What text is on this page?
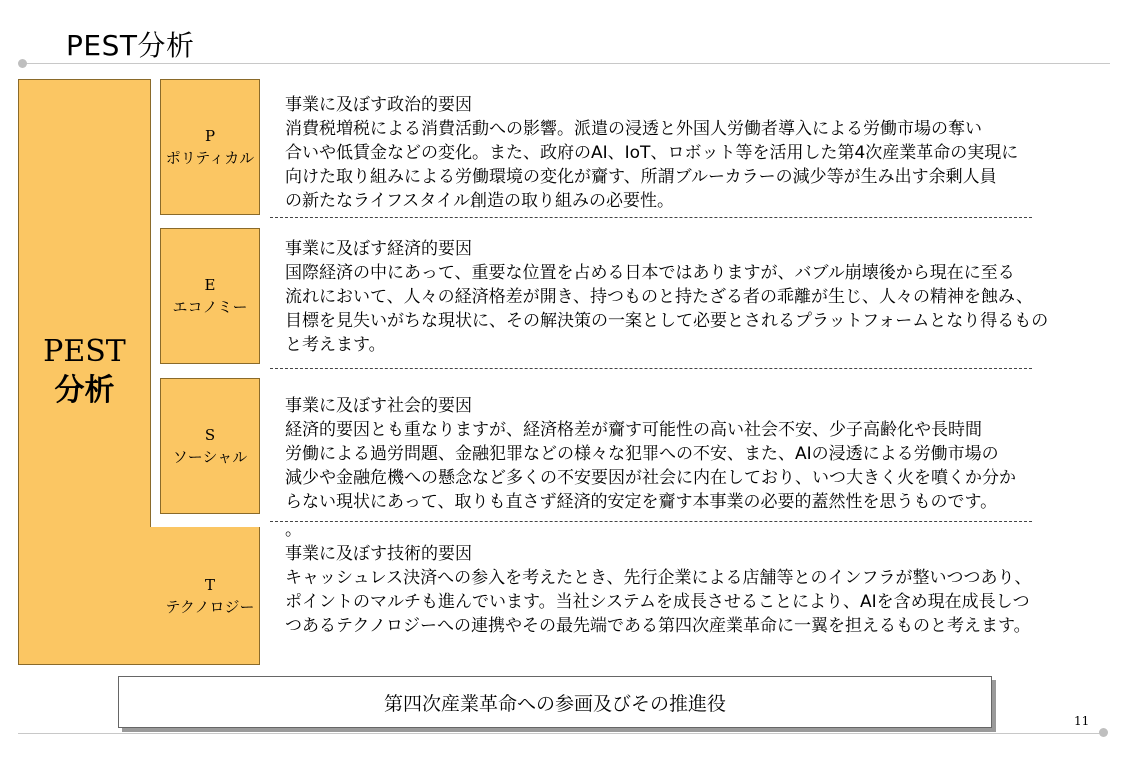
PEST分析
PEST
分析
T
テクノロジー
P
ポリティカル
E
エコノミー
S
ソーシャル
事業に及ぼす政治的要因
消費税増税による消費活動への影響。派遣の浸透と外国人労働者導入による労働市場の奪い
合いや低賃金などの変化。また、政府のAI、IoT、ロボット等を活用した第4次産業革命の実現に
向けた取り組みによる労働環境の変化が齎す、所謂ブルーカラーの減少等が生み出す余剰人員
の新たなライフスタイル創造の取り組みの必要性。
事業に及ぼす経済的要因
国際経済の中にあって、重要な位置を占める日本ではありますが、バブル崩壊後から現在に至る
流れにおいて、人々の経済格差が開き、持つものと持たざる者の乖離が生じ、人々の精神を蝕み、
目標を見失いがちな現状に、その解決策の一案として必要とされるプラットフォームとなり得るもの
と考えます。
事業に及ぼす社会的要因
経済的要因とも重なりますが、経済格差が齎す可能性の高い社会不安、少子高齢化や長時間
労働による過労問題、金融犯罪などの様々な犯罪への不安、また、AIの浸透による労働市場の
減少や金融危機への懸念など多くの不安要因が社会に内在しており、いつ大きく火を噴くか分か
らない現状にあって、取りも直さず経済的安定を齎す本事業の必要的蓋然性を思うものです。
。
事業に及ぼす技術的要因
キャッシュレス決済への参入を考えたとき、先行企業による店舗等とのインフラが整いつつあり、
ポイントのマルチも進んでいます。当社システムを成長させることにより、AIを含め現在成長しつ
つあるテクノロジーへの連携やその最先端である第四次産業革命に一翼を担えるものと考えます。
第四次産業革命への参画及びその推進役
11
